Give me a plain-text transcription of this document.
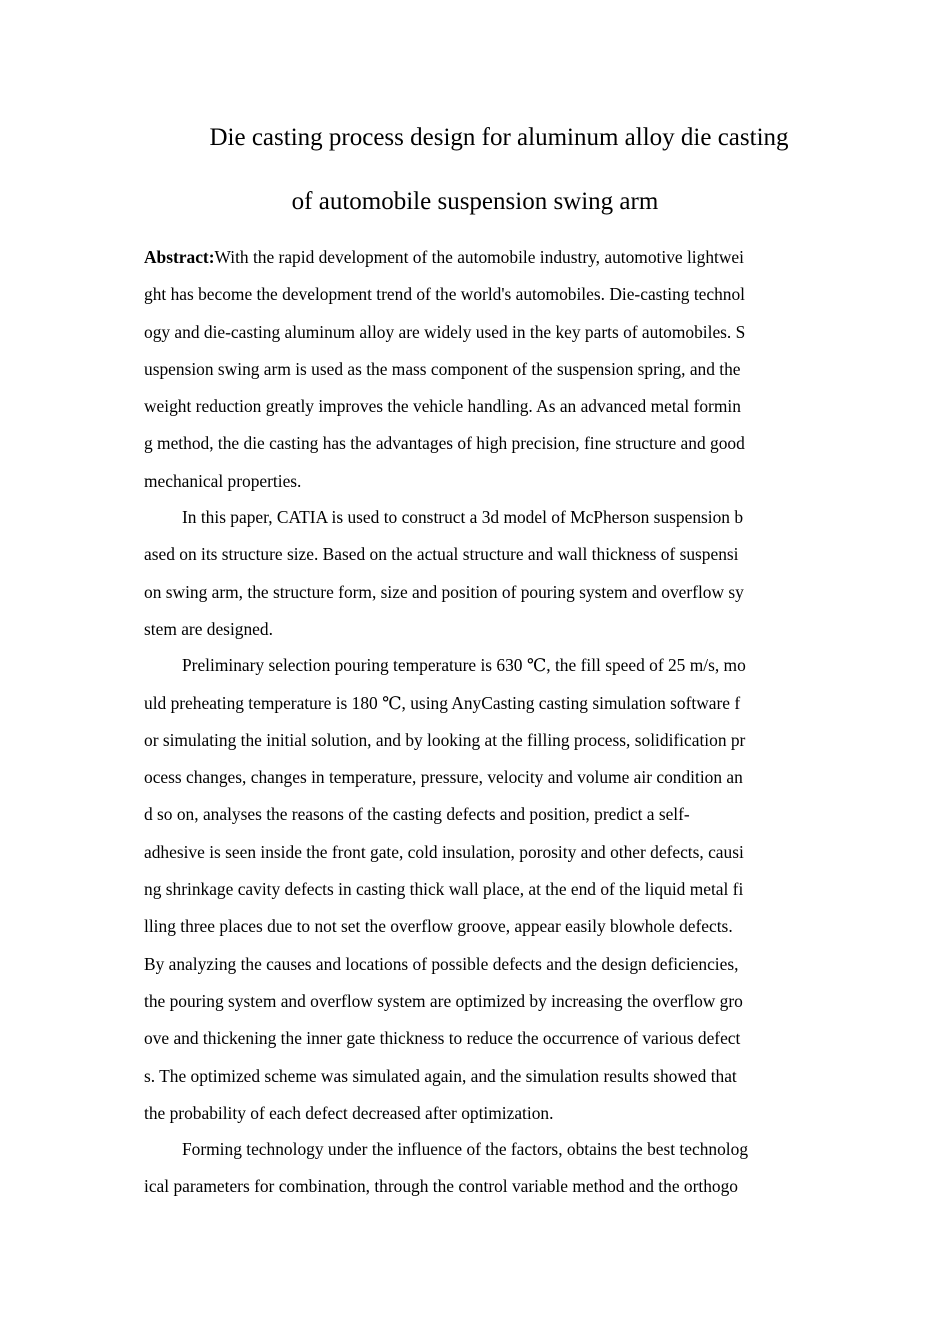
Die casting process design for aluminum alloy die casting
of automobile suspension swing arm
Abstract:With the rapid development of the automobile industry, automotive lightwei
ght has become the development trend of the world's automobiles. Die-casting technol
ogy and die-casting aluminum alloy are widely used in the key parts of automobiles. S
uspension swing arm is used as the mass component of the suspension spring, and the
weight reduction greatly improves the vehicle handling. As an advanced metal formin
g method, the die casting has the advantages of high precision, fine structure and good
mechanical properties.
In this paper, CATIA is used to construct a 3d model of McPherson suspension b
ased on its structure size. Based on the actual structure and wall thickness of suspensi
on swing arm, the structure form, size and position of pouring system and overflow sy
stem are designed.
Preliminary selection pouring temperature is 630 ℃, the fill speed of 25 m/s, mo
uld preheating temperature is 180 ℃, using AnyCasting casting simulation software f
or simulating the initial solution, and by looking at the filling process, solidification pr
ocess changes, changes in temperature, pressure, velocity and volume air condition an
d so on, analyses the reasons of the casting defects and position, predict a self-
adhesive is seen inside the front gate, cold insulation, porosity and other defects, causi
ng shrinkage cavity defects in casting thick wall place, at the end of the liquid metal fi
lling three places due to not set the overflow groove, appear easily blowhole defects.
By analyzing the causes and locations of possible defects and the design deficiencies,
the pouring system and overflow system are optimized by increasing the overflow gro
ove and thickening the inner gate thickness to reduce the occurrence of various defect
s. The optimized scheme was simulated again, and the simulation results showed that
the probability of each defect decreased after optimization.
Forming technology under the influence of the factors, obtains the best technolog
ical parameters for combination, through the control variable method and the orthogo
